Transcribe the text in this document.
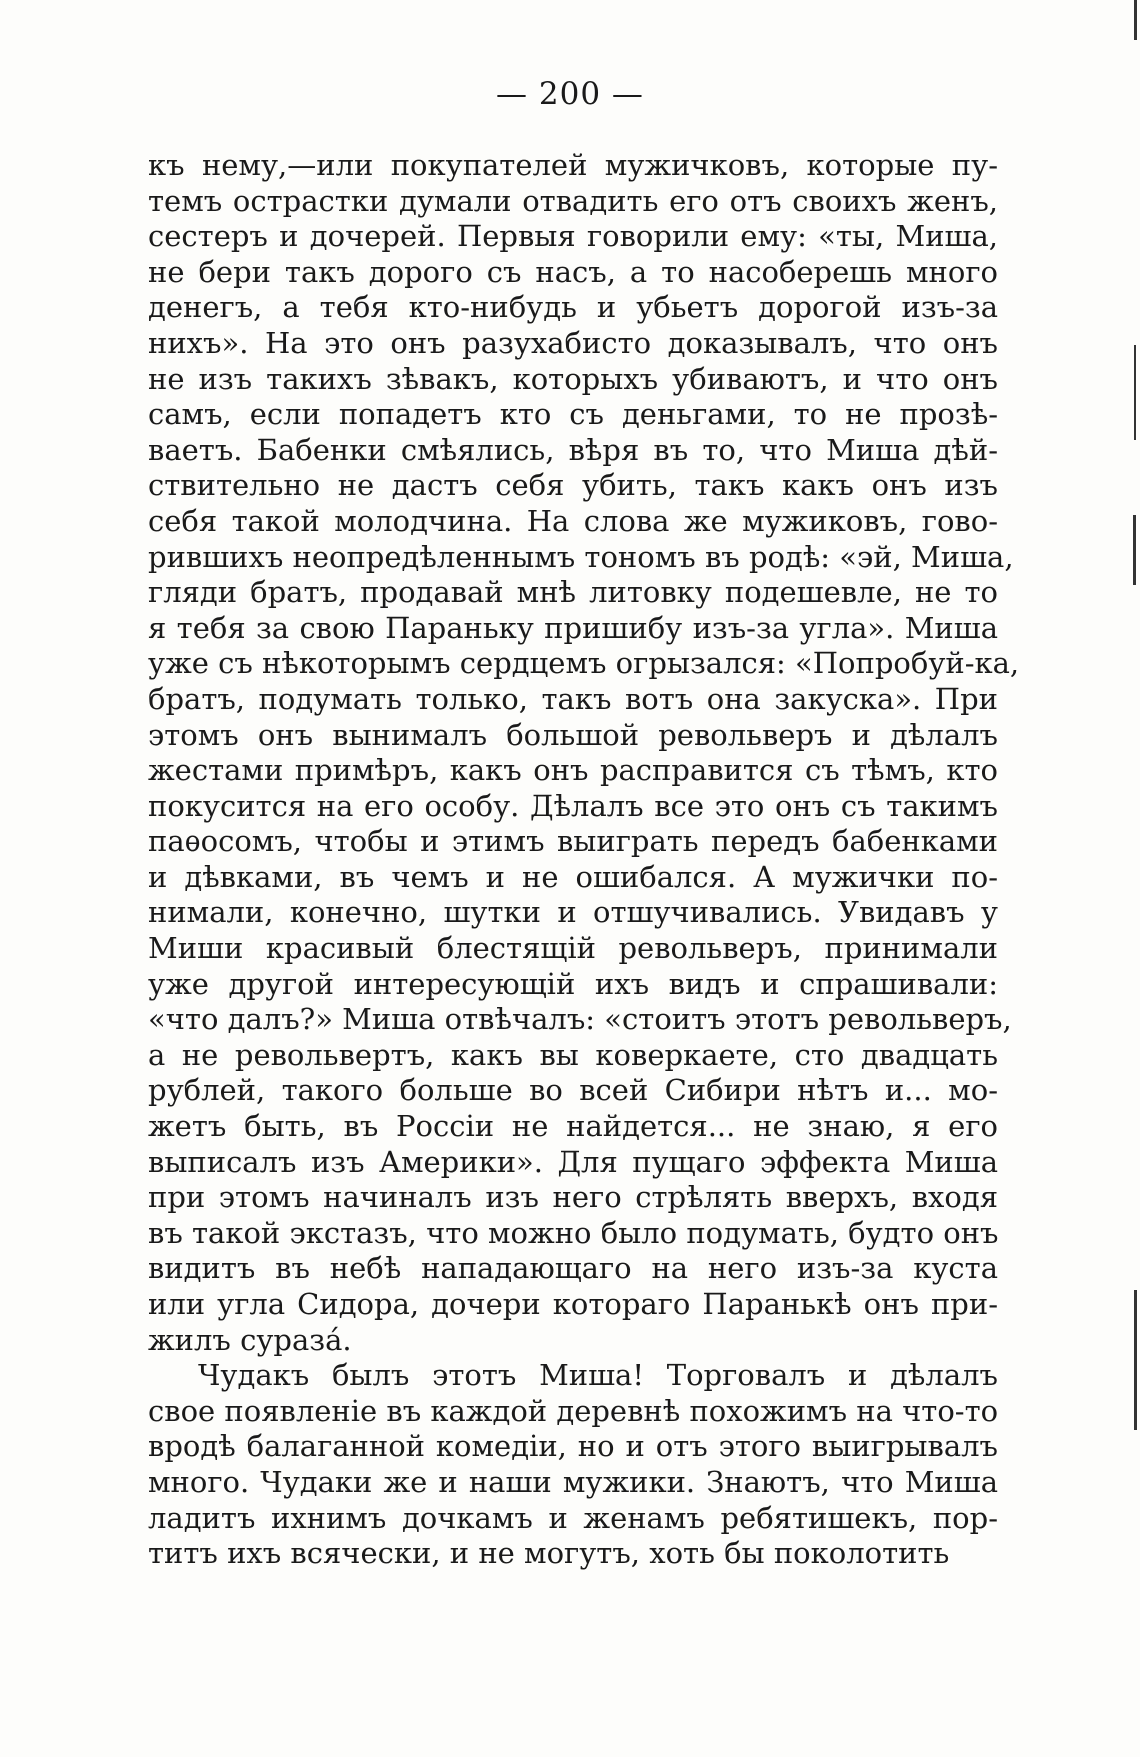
— 200 —
къ нему,—или покупателей мужичковъ, которые пу-
темъ острастки думали отвадить его отъ своихъ женъ,
сестеръ и дочерей. Первыя говорили ему: «ты, Миша,
не бери такъ дорого съ насъ, а то насоберешь много
денегъ, а тебя кто-нибудь и убьетъ дорогой изъ-за
нихъ». На это онъ разухабисто доказывалъ, что онъ
не изъ такихъ зѣвакъ, которыхъ убиваютъ, и что онъ
самъ, если попадетъ кто съ деньгами, то не прозѣ-
ваетъ. Бабенки смѣялись, вѣря въ то, что Миша дѣй-
ствительно не дастъ себя убить, такъ какъ онъ изъ
себя такой молодчина. На слова же мужиковъ, гово-
рившихъ неопредѣленнымъ тономъ въ родѣ: «эй, Миша,
гляди братъ, продавай мнѣ литовку подешевле, не то
я тебя за свою Параньку пришибу изъ-за угла». Миша
уже съ нѣкоторымъ сердцемъ огрызался: «Попробуй-ка,
братъ, подумать только, такъ вотъ она закуска». При
этомъ онъ вынималъ большой револьверъ и дѣлалъ
жестами примѣръ, какъ онъ расправится съ тѣмъ, кто
покусится на его особу. Дѣлалъ все это онъ съ такимъ
паѳосомъ, чтобы и этимъ выиграть передъ бабенками
и дѣвками, въ чемъ и не ошибался. А мужички по-
нимали, конечно, шутки и отшучивались. Увидавъ у
Миши красивый блестящій револьверъ, принимали
уже другой интересующій ихъ видъ и спрашивали:
«что далъ?» Миша отвѣчалъ: «стоитъ этотъ револьверъ,
а не револьвертъ, какъ вы коверкаете, сто двадцать
рублей, такого больше во всей Сибири нѣтъ и... мо-
жетъ быть, въ Россіи не найдется... не знаю, я его
выписалъ изъ Америки». Для пущаго эффекта Миша
при этомъ начиналъ изъ него стрѣлять вверхъ, входя
въ такой экстазъ, что можно было подумать, будто онъ
видитъ въ небѣ нападающаго на него изъ-за куста
или угла Сидора, дочери котораго Паранькѣ онъ при-
жилъ суразá.
Чудакъ былъ этотъ Миша! Торговалъ и дѣлалъ
свое появленіе въ каждой деревнѣ похожимъ на что-то
вродѣ балаганной комедіи, но и отъ этого выигрывалъ
много. Чудаки же и наши мужики. Знаютъ, что Миша
ладитъ ихнимъ дочкамъ и женамъ ребятишекъ, пор-
титъ ихъ всячески, и не могутъ, хоть бы поколотить
